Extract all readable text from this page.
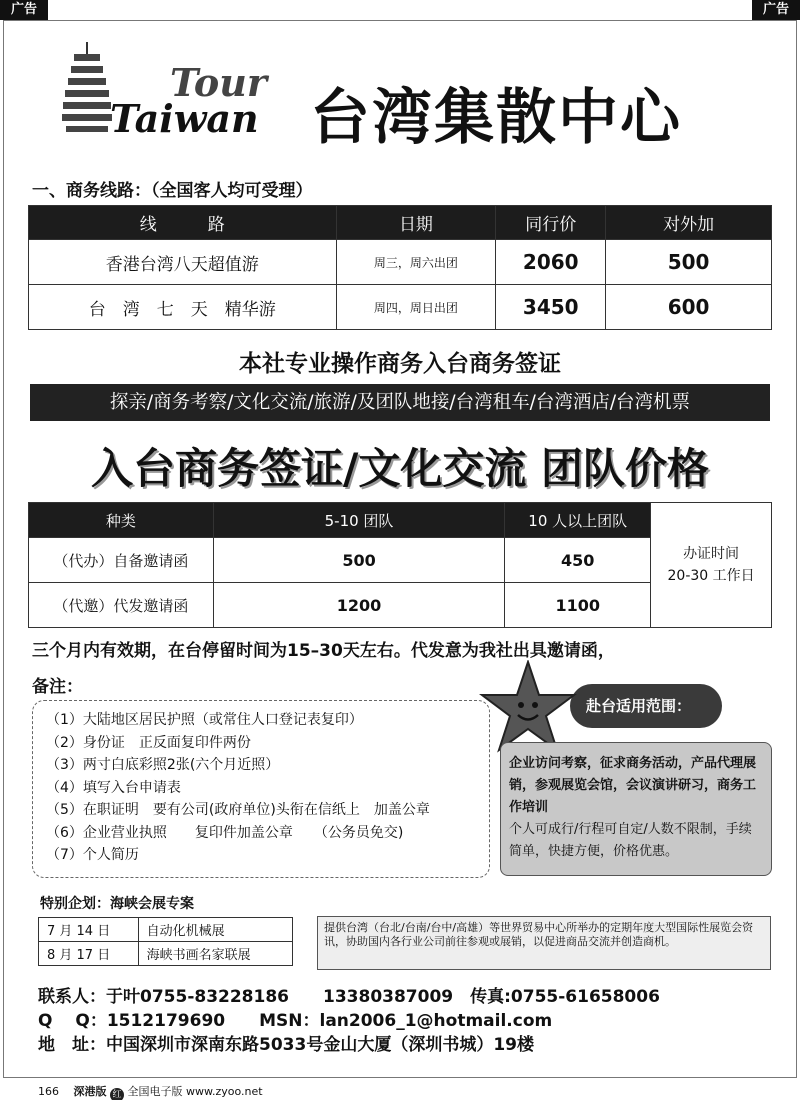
广告	广告
Tour
Taiwan 台湾集散中心
一、商务线路：（全国客人均可受理）
线　　　路	日期	同行价	对外加
香港台湾八天超值游	周三，周六出团	2060	500
台　湾　七　天　精华游	周四，周日出团	3450	600
本社专业操作商务入台商务签证
探亲/商务考察/文化交流/旅游/及团队地接/台湾租车/台湾酒店/台湾机票
入台商务签证/文化交流 团队价格
种类	5-10 团队	10 人以上团队	办证时间
20-30 工作日

（代办）自备邀请函	500	450	
（代邀）代发邀请函	1200	1100	
三个月内有效期，在台停留时间为15–30天左右。代发意为我社出具邀请函，
备注：
（1）大陆地区居民护照（或常住人口登记表复印）
（2）身份证　正反面复印件两份
（3）两寸白底彩照2张(六个月近照）
（4）填写入台申请表
（5）在职证明　要有公司(政府单位)头衔在信纸上　加盖公章
（6）企业营业执照　　复印件加盖公章　　（公务员免交)
（7）个人简历
赴台适用范围：
企业访问考察，征求商务活动，产品代理展销，参观展览会馆，会议演讲研习，商务工作培训
个人可成行/行程可自定/人数不限制，手续简单，快捷方便，价格优惠。
特别企划：海峡会展专案
7 月 14 日	自动化机械展
8 月 17 日	海峡书画名家联展
提供台湾（台北/台南/台中/高雄）等世界贸易中心所举办的定期年度大型国际性展览会资讯，协助国内各行业公司前往参观或展销，以促进商品交流并创造商机。
联系人：于叶0755-83228186　　13380387009　传真:0755-61658006
Q　 Q：1512179690　　MSN：lan2006_1@hotmail.com
地　址：中国深圳市深南东路5033号金山大厦（深圳书城）19楼
166　 深港版 红 全国电子版 www.zyoo.net
